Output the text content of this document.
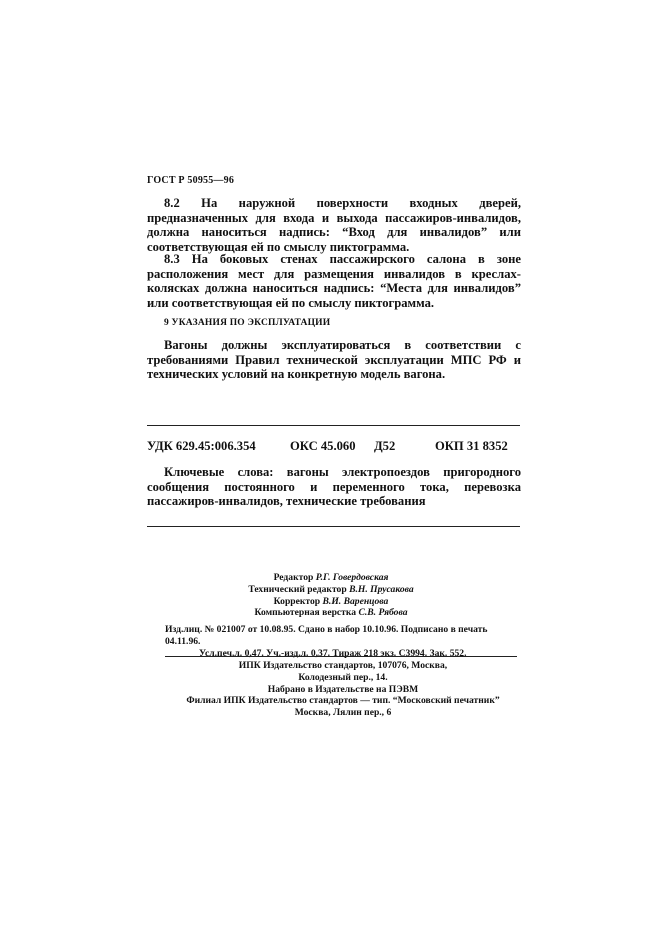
ГОСТ Р 50955—96

8.2 На наружной поверхности входных дверей, предназначенных для входа и выхода пассажиров-инвалидов, должна наноситься надпись: “Вход для инвалидов” или соответствующая ей по смыслу пиктограмма.

8.3 На боковых стенах пассажирского салона в зоне расположения мест для размещения инвалидов в креслах-колясках должна наноситься надпись: “Места для инвалидов” или соответствующая ей по смыслу пиктограмма.

9 УКАЗАНИЯ ПО ЭКСПЛУАТАЦИИ

Вагоны должны эксплуатироваться в соответствии с требованиями Правил технической эксплуатации МПС РФ и технических условий на конкретную модель вагона.

УДК 629.45:006.354	ОКС 45.060 Д52	ОКП 31 8352

Ключевые слова: вагоны электропоездов пригородного сообщения постоянного и переменного тока, перевозка пассажиров-инвалидов, технические требования

Редактор Р.Г. Говердовская
Технический редактор В.Н. Прусакова
Корректор В.И. Варенцова
Компьютерная верстка С.В. Рябова
Изд.лиц. № 021007 от 10.08.95. Сдано в набор 10.10.96. Подписано в печать 04.11.96.
Усл.печ.л. 0,47. Уч.-изд.л. 0,37. Тираж 218 экз. С3994. Зак. 552.
ИПК Издательство стандартов, 107076, Москва,
Колодезный пер., 14.
Набрано в Издательстве на ПЭВМ
Филиал ИПК Издательство стандартов — тип. “Московский печатник”
Москва, Лялин пер., 6
